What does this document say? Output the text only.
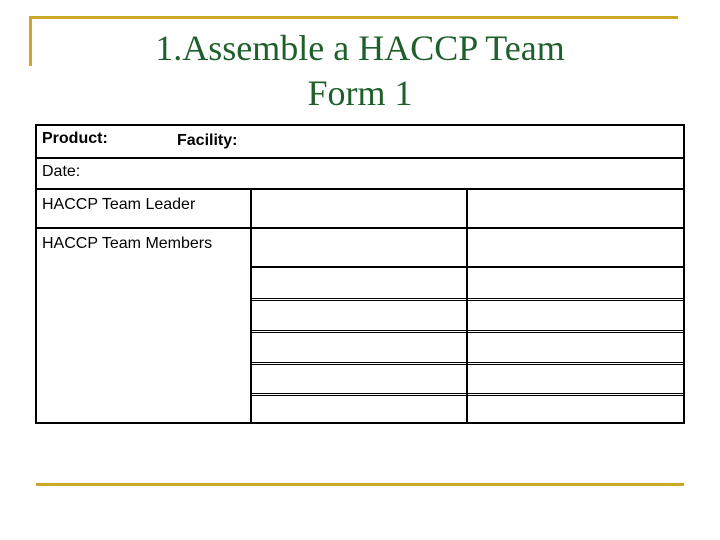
1.Assemble a HACCP Team
Form 1
Product:	Facility:
Date:
HACCP Team Leader
HACCP Team Members
